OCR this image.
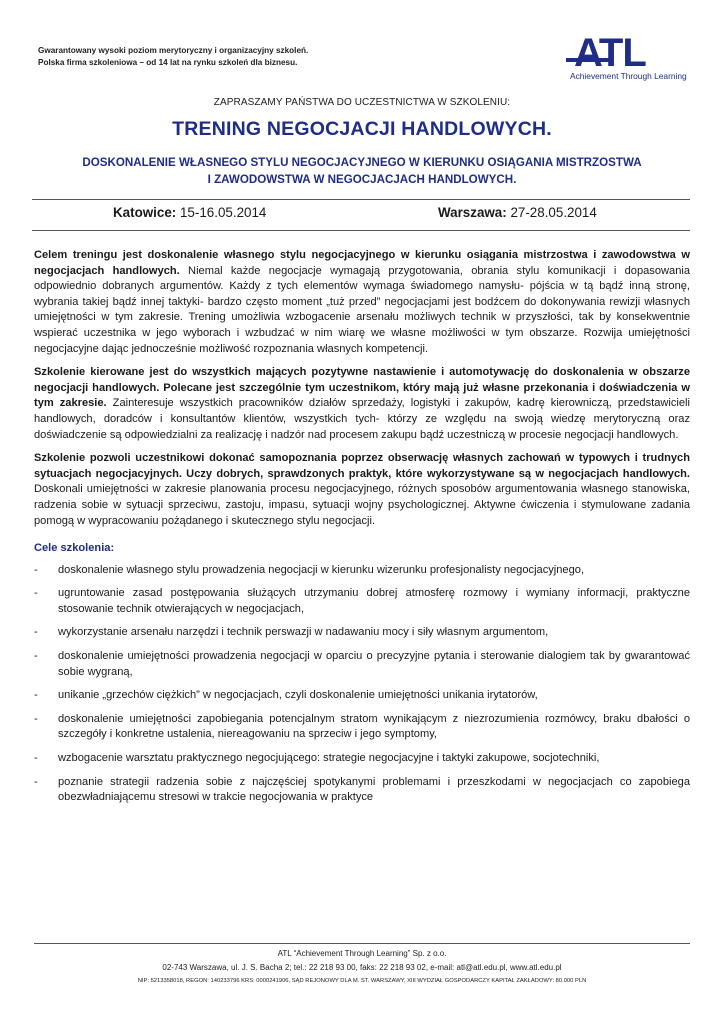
Gwarantowany wysoki poziom merytoryczny i organizacyjny szkoleń.
Polska firma szkoleniowa – od 14 lat na rynku szkoleń dla biznesu.	ATL
Achievement Through Learning
ZAPRASZAMY PAŃSTWA DO UCZESTNICTWA W SZKOLENIU:
TRENING NEGOCJACJI HANDLOWYCH.
DOSKONALENIE WŁASNEGO STYLU NEGOCJACYJNEGO W KIERUNKU OSIĄGANIA MISTRZOSTWA
I ZAWODOWSTWA W NEGOCJACJACH HANDLOWYCH.
Katowice: 15-16.05.2014	Warszawa: 27-28.05.2014

Celem treningu jest doskonalenie własnego stylu negocjacyjnego w kierunku osiągania mistrzostwa i zawodowstwa w negocjacjach handlowych. Niemal każde negocjacje wymagają przygotowania, obrania stylu komunikacji i dopasowania odpowiednio dobranych argumentów. Każdy z tych elementów wymaga świadomego namysłu- pójścia w tą bądź inną stronę, wybrania takiej bądź innej taktyki- bardzo często moment „tuż przed” negocjacjami jest bodźcem do dokonywania rewizji własnych umiejętności w tym zakresie. Trening umożliwia wzbogacenie arsenału możliwych technik w przyszłości, tak by konsekwentnie wspierać uczestnika w jego wyborach i wzbudzać w nim wiarę we własne możliwości w tym obszarze. Rozwija umiejętności negocjacyjne dając jednocześnie możliwość rozpoznania własnych kompetencji.

Szkolenie kierowane jest do wszystkich mających pozytywne nastawienie i automotywację do doskonalenia w obszarze negocjacji handlowych. Polecane jest szczególnie tym uczestnikom, który mają już własne przekonania i doświadczenia w tym zakresie. Zainteresuje wszystkich pracowników działów sprzedaży, logistyki i zakupów, kadrę kierowniczą, przedstawicieli handlowych, doradców i konsultantów klientów, wszystkich tych- którzy ze względu na swoją wiedzę merytoryczną oraz doświadczenie są odpowiedzialni za realizację i nadzór nad procesem zakupu bądź uczestniczą w procesie negocjacji handlowych.

Szkolenie pozwoli uczestnikowi dokonać samopoznania poprzez obserwację własnych zachowań w typowych i trudnych sytuacjach negocjacyjnych. Uczy dobrych, sprawdzonych praktyk, które wykorzystywane są w negocjacjach handlowych. Doskonali umiejętności w zakresie planowania procesu negocjacyjnego, różnych sposobów argumentowania własnego stanowiska, radzenia sobie w sytuacji sprzeciwu, zastoju, impasu, sytuacji wojny psychologicznej. Aktywne ćwiczenia i stymulowane zadania pomogą w wypracowaniu pożądanego i skutecznego stylu negocjacji.

Cele szkolenia:
- doskonalenie własnego stylu prowadzenia negocjacji w kierunku wizerunku profesjonalisty negocjacyjnego,
- ugruntowanie zasad postępowania służących utrzymaniu dobrej atmosferę rozmowy i wymiany informacji, praktyczne stosowanie technik otwierających w negocjacjach,
- wykorzystanie arsenału narzędzi i technik perswazji w nadawaniu mocy i siły własnym argumentom,
- doskonalenie umiejętności prowadzenia negocjacji w oparciu o precyzyjne pytania i sterowanie dialogiem tak by gwarantować sobie wygraną,
- unikanie „grzechów ciężkich” w negocjacjach, czyli doskonalenie umiejętności unikania irytatorów,
- doskonalenie umiejętności zapobiegania potencjalnym stratom wynikającym z niezrozumienia rozmówcy, braku dbałości o szczegóły i konkretne ustalenia, niereagowaniu na sprzeciw i jego symptomy,
- wzbogacenie warsztatu praktycznego negocjującego: strategie negocjacyjne i taktyki zakupowe, socjotechniki,
- poznanie strategii radzenia sobie z najczęściej spotykanymi problemami i przeszkodami w negocjacjach co zapobiega obezwładniającemu stresowi w trakcie negocjowania w praktyce
ATL “Achievement Through Learning” Sp. z o.o.
02-743 Warszawa, ul. J. S. Bacha 2; tel.: 22 218 93 00, faks: 22 218 93 02, e-mail: atl@atl.edu.pl, www.atl.edu.pl
NIP: 5213358018, REGON: 140233796 KRS: 0000241906, SĄD REJONOWY DLA M. ST. WARSZAWY, XIII WYDZIAŁ GOSPODARCZY KAPITAŁ ZAKŁADOWY: 80.000 PLN
